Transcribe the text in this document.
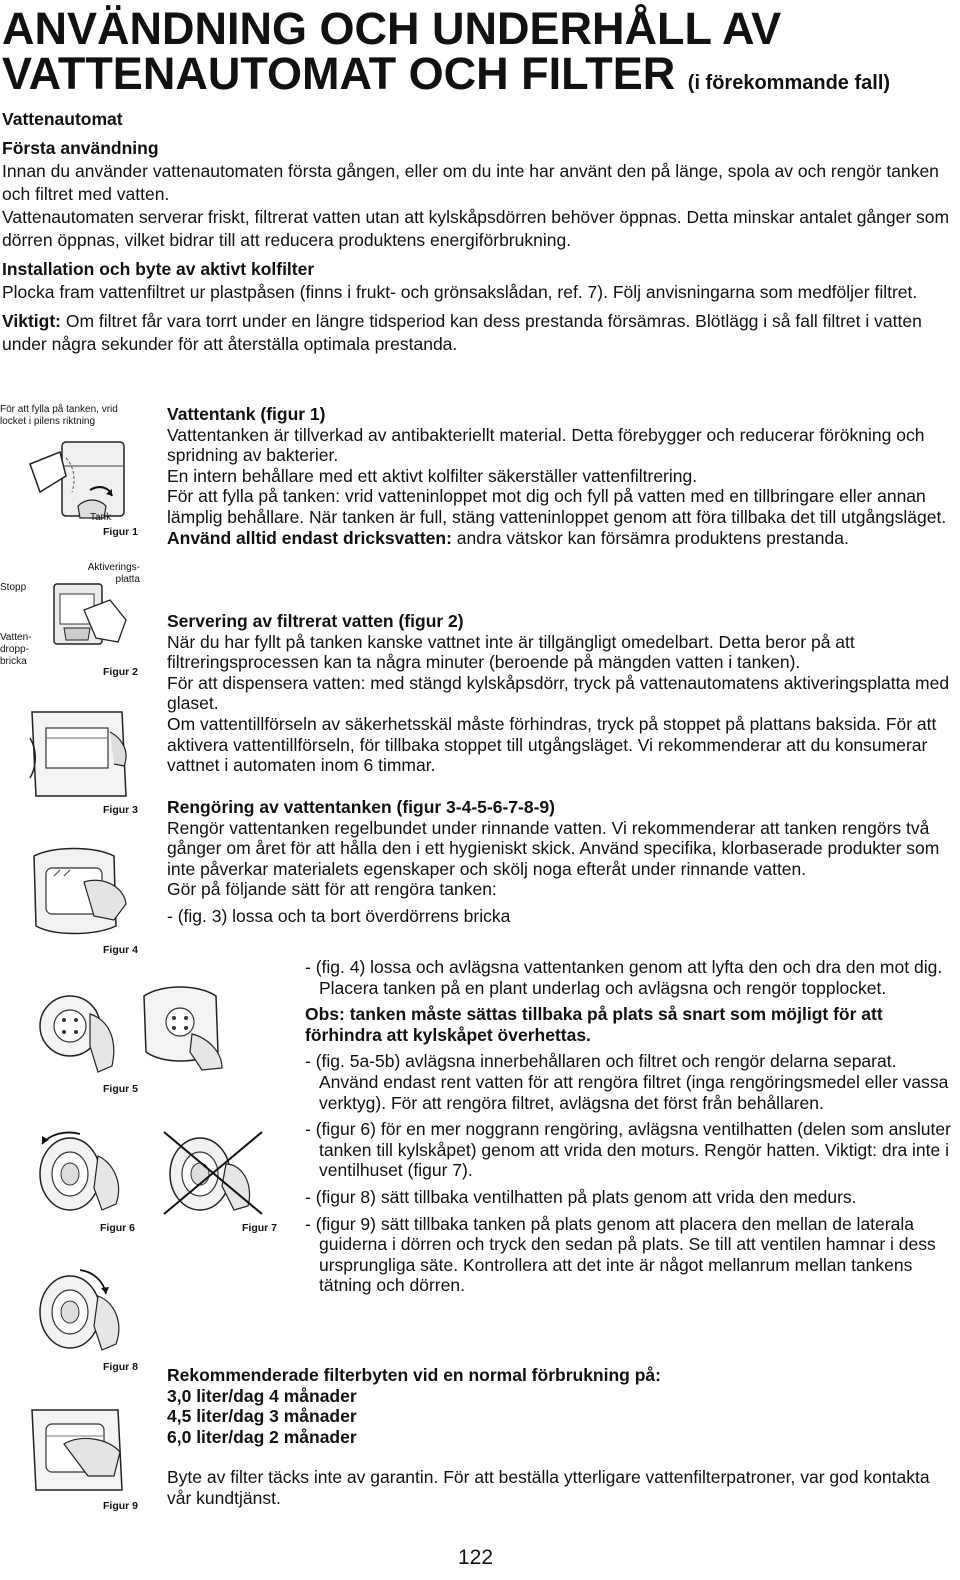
ANVÄNDNING OCH UNDERHÅLL AV
VATTENAUTOMAT OCH FILTER (i förekommande fall)

Vattenautomat

Första användning

Innan du använder vattenautomaten första gången, eller om du inte har använt den på länge, spola av och rengör tanken och filtret med vatten.

Vattenautomaten serverar friskt, filtrerat vatten utan att kylskåpsdörren behöver öppnas. Detta minskar antalet gånger som dörren öppnas, vilket bidrar till att reducera produktens energiförbrukning.

Installation och byte av aktivt kolfilter

Plocka fram vattenfiltret ur plastpåsen (finns i frukt- och grönsakslådan, ref. 7). Följ anvisningarna som medföljer filtret.

Viktigt: Om filtret får vara torrt under en längre tidsperiod kan dess prestanda försämras. Blötlägg i så fall filtret i vatten under några sekunder för att återställa optimala prestanda.

För att fylla på tanken, vrid locket i pilens riktning
Tank
Figur 1
Aktiverings-
platta
Stopp
Vatten-
dropp-
bricka
Figur 2
Figur 3
Figur 4
Figur 5
Figur 6	Figur 7
Figur 8
Figur 9

Vattentank (figur 1)

Vattentanken är tillverkad av antibakteriellt material. Detta förebygger och reducerar förökning och spridning av bakterier.

En intern behållare med ett aktivt kolfilter säkerställer vattenfiltrering.

För att fylla på tanken: vrid vatteninloppet mot dig och fyll på vatten med en tillbringare eller annan lämplig behållare. När tanken är full, stäng vatteninloppet genom att föra tillbaka det till utgångsläget.

Använd alltid endast dricksvatten: andra vätskor kan försämra produktens prestanda.

Servering av filtrerat vatten (figur 2)

När du har fyllt på tanken kanske vattnet inte är tillgängligt omedelbart. Detta beror på att filtreringsprocessen kan ta några minuter (beroende på mängden vatten i tanken).

För att dispensera vatten: med stängd kylskåpsdörr, tryck på vattenautomatens aktiveringsplatta med glaset.

Om vattentillförseln av säkerhetsskäl måste förhindras, tryck på stoppet på plattans baksida. För att aktivera vattentillförseln, för tillbaka stoppet till utgångsläget. Vi rekommenderar att du konsumerar vattnet i automaten inom 6 timmar.

Rengöring av vattentanken (figur 3-4-5-6-7-8-9)

Rengör vattentanken regelbundet under rinnande vatten. Vi rekommenderar att tanken rengörs två gånger om året för att hålla den i ett hygieniskt skick. Använd specifika, klorbaserade produkter som inte påverkar materialets egenskaper och skölj noga efteråt under rinnande vatten.

Gör på följande sätt för att rengöra tanken:

- (fig. 3) lossa och ta bort överdörrens bricka

- (fig. 4) lossa och avlägsna vattentanken genom att lyfta den och dra den mot dig. Placera tanken på en plant underlag och avlägsna och rengör topplocket.

Obs: tanken måste sättas tillbaka på plats så snart som möjligt för att förhindra att kylskåpet överhettas.

- (fig. 5a-5b) avlägsna innerbehållaren och filtret och rengör delarna separat. Använd endast rent vatten för att rengöra filtret (inga rengöringsmedel eller vassa verktyg). För att rengöra filtret, avlägsna det först från behållaren.

- (figur 6) för en mer noggrann rengöring, avlägsna ventilhatten (delen som ansluter tanken till kylskåpet) genom att vrida den moturs. Rengör hatten. Viktigt: dra inte i ventilhuset (figur 7).

- (figur 8) sätt tillbaka ventilhatten på plats genom att vrida den medurs.

- (figur 9) sätt tillbaka tanken på plats genom att placera den mellan de laterala guiderna i dörren och tryck den sedan på plats. Se till att ventilen hamnar i dess ursprungliga säte. Kontrollera att det inte är något mellanrum mellan tankens tätning och dörren.

Rekommenderade filterbyten vid en normal förbrukning på:

3,0 liter/dag 4 månader

4,5 liter/dag 3 månader

6,0 liter/dag 2 månader

Byte av filter täcks inte av garantin. För att beställa ytterligare vattenfilterpatroner, var god kontakta vår kundtjänst.

122
